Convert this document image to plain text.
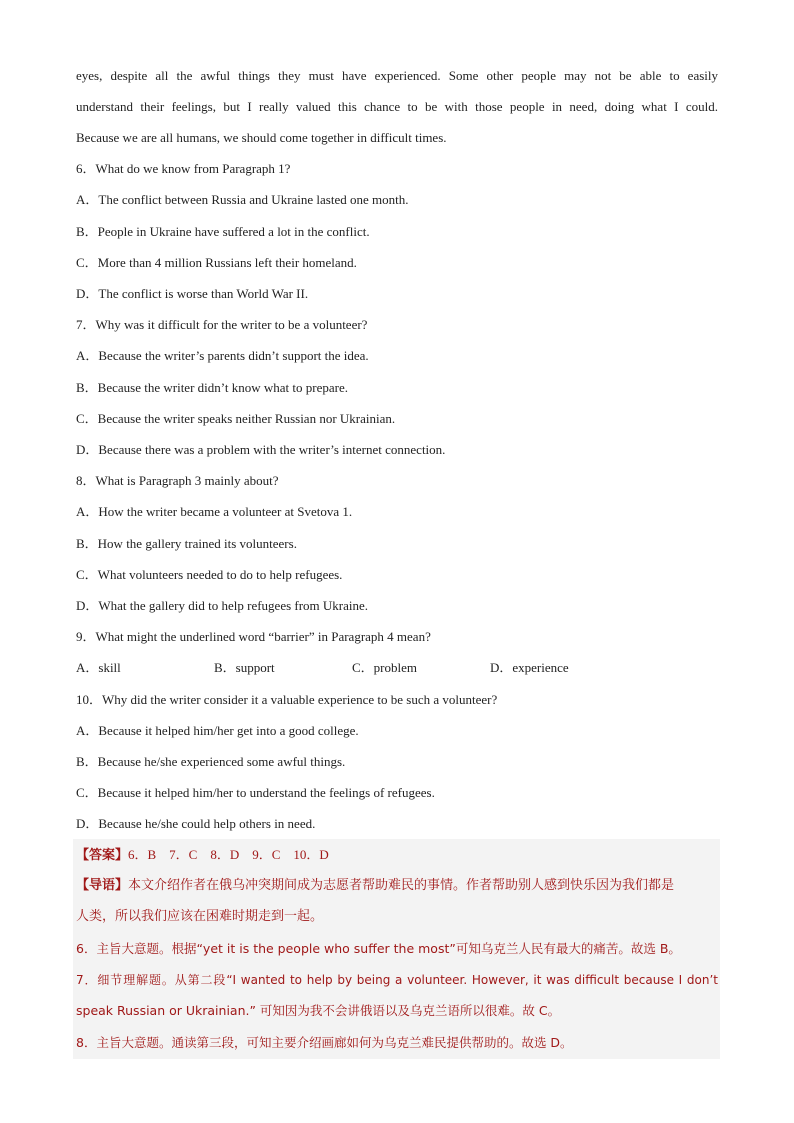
eyes, despite all the awful things they must have experienced. Some other people may not be able to easily
understand their feelings, but I really valued this chance to be with those people in need, doing what I could.
Because we are all humans, we should come together in difficult times.
6．What do we know from Paragraph 1?
A．The conflict between Russia and Ukraine lasted one month.
B．People in Ukraine have suffered a lot in the conflict.
C．More than 4 million Russians left their homeland.
D．The conflict is worse than World War II.
7．Why was it difficult for the writer to be a volunteer?
A．Because the writer’s parents didn’t support the idea.
B．Because the writer didn’t know what to prepare.
C．Because the writer speaks neither Russian nor Ukrainian.
D．Because there was a problem with the writer’s internet connection.
8．What is Paragraph 3 mainly about?
A．How the writer became a volunteer at Svetova 1.
B．How the gallery trained its volunteers.
C．What volunteers needed to do to help refugees.
D．What the gallery did to help refugees from Ukraine.
9．What might the underlined word “barrier” in Paragraph 4 mean?
A．skill	B．support	C．problem	D．experience
10．Why did the writer consider it a valuable experience to be such a volunteer?
A．Because it helped him/her get into a good college.
B．Because he/she experienced some awful things.
C．Because it helped him/her to understand the feelings of refugees.
D．Because he/she could help others in need.
【答案】6．B　7．C　8．D　9．C　10．D
【导语】本文介绍作者在俄乌冲突期间成为志愿者帮助难民的事情。作者帮助别人感到快乐因为我们都是
人类，所以我们应该在困难时期走到一起。
6．主旨大意题。根据“yet it is the people who suffer the most”可知乌克兰人民有最大的痛苦。故选 B。
7．细节理解题。从第二段“I wanted to help by being a volunteer. However, it was difficult because I don’t
speak Russian or Ukrainian.” 可知因为我不会讲俄语以及乌克兰语所以很难。故 C。
8．主旨大意题。通读第三段，可知主要介绍画廊如何为乌克兰难民提供帮助的。故选 D。
